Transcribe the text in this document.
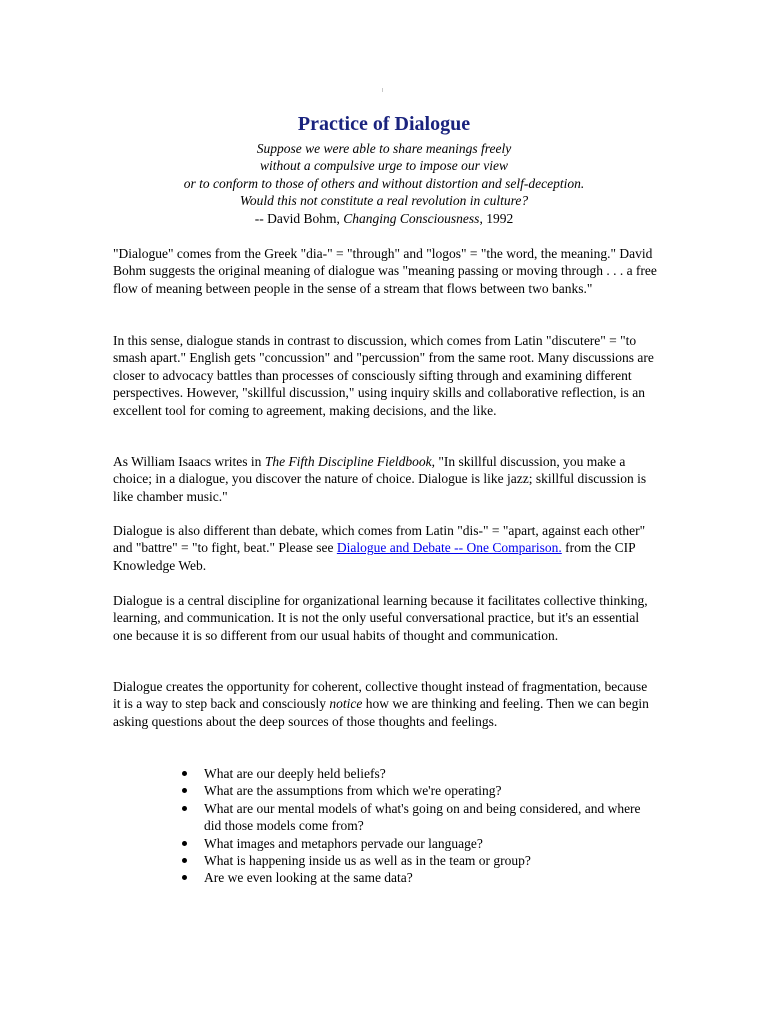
Practice of Dialogue
Suppose we were able to share meanings freely
without a compulsive urge to impose our view
or to conform to those of others and without distortion and self-deception.
Would this not constitute a real revolution in culture?
-- David Bohm, Changing Consciousness, 1992

"Dialogue" comes from the Greek "dia-" = "through" and "logos" = "the word, the meaning." David Bohm suggests the original meaning of dialogue was "meaning passing or moving through . . . a free flow of meaning between people in the sense of a stream that flows between two banks."

In this sense, dialogue stands in contrast to discussion, which comes from Latin "discutere" = "to smash apart." English gets "concussion" and "percussion" from the same root. Many discussions are closer to advocacy battles than processes of consciously sifting through and examining different perspectives. However, "skillful discussion," using inquiry skills and collaborative reflection, is an excellent tool for coming to agreement, making decisions, and the like.

As William Isaacs writes in The Fifth Discipline Fieldbook, "In skillful discussion, you make a choice; in a dialogue, you discover the nature of choice. Dialogue is like jazz; skillful discussion is like chamber music."

Dialogue is also different than debate, which comes from Latin "dis-" = "apart, against each other" and "battre" = "to fight, beat." Please see Dialogue and Debate -- One Comparison. from the CIP Knowledge Web.

Dialogue is a central discipline for organizational learning because it facilitates collective thinking, learning, and communication. It is not the only useful conversational practice, but it's an essential one because it is so different from our usual habits of thought and communication.

Dialogue creates the opportunity for coherent, collective thought instead of fragmentation, because it is a way to step back and consciously notice how we are thinking and feeling. Then we can begin asking questions about the deep sources of those thoughts and feelings.

What are our deeply held beliefs?
What are the assumptions from which we're operating?
What are our mental models of what's going on and being considered, and where did those models come from?
What images and metaphors pervade our language?
What is happening inside us as well as in the team or group?
Are we even looking at the same data?
